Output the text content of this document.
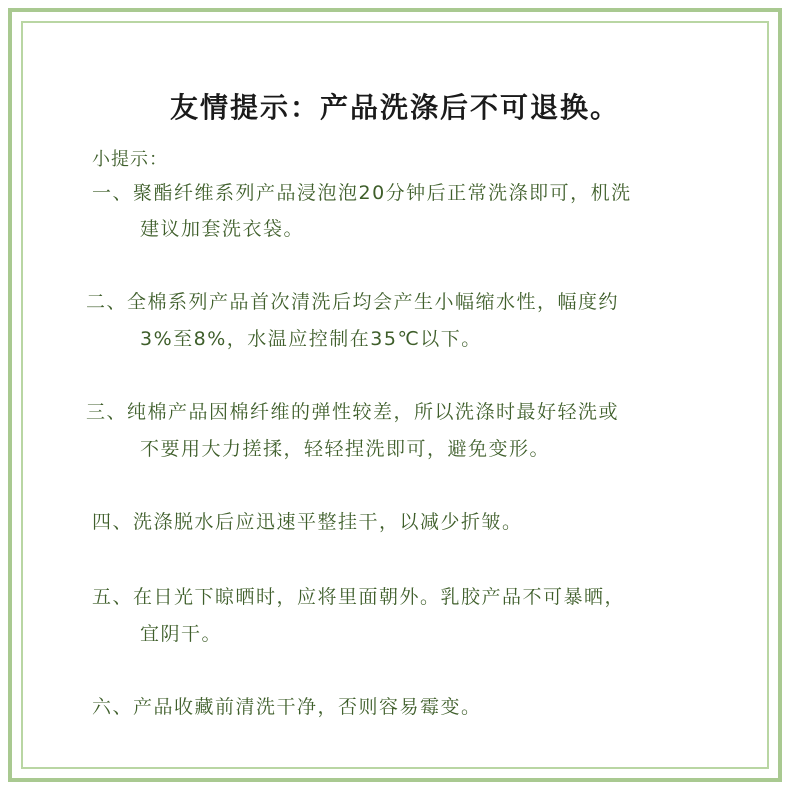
友情提示：产品洗涤后不可退换。
小提示：
一、聚酯纤维系列产品浸泡泡20分钟后正常洗涤即可，机洗
建议加套洗衣袋。
二、全棉系列产品首次清洗后均会产生小幅缩水性，幅度约
3%至8%，水温应控制在35℃以下。
三、纯棉产品因棉纤维的弹性较差，所以洗涤时最好轻洗或
不要用大力搓揉，轻轻捏洗即可，避免变形。
四、洗涤脱水后应迅速平整挂干，以减少折皱。
五、在日光下晾晒时，应将里面朝外。乳胶产品不可暴晒，
宜阴干。
六、产品收藏前清洗干净，否则容易霉变。
